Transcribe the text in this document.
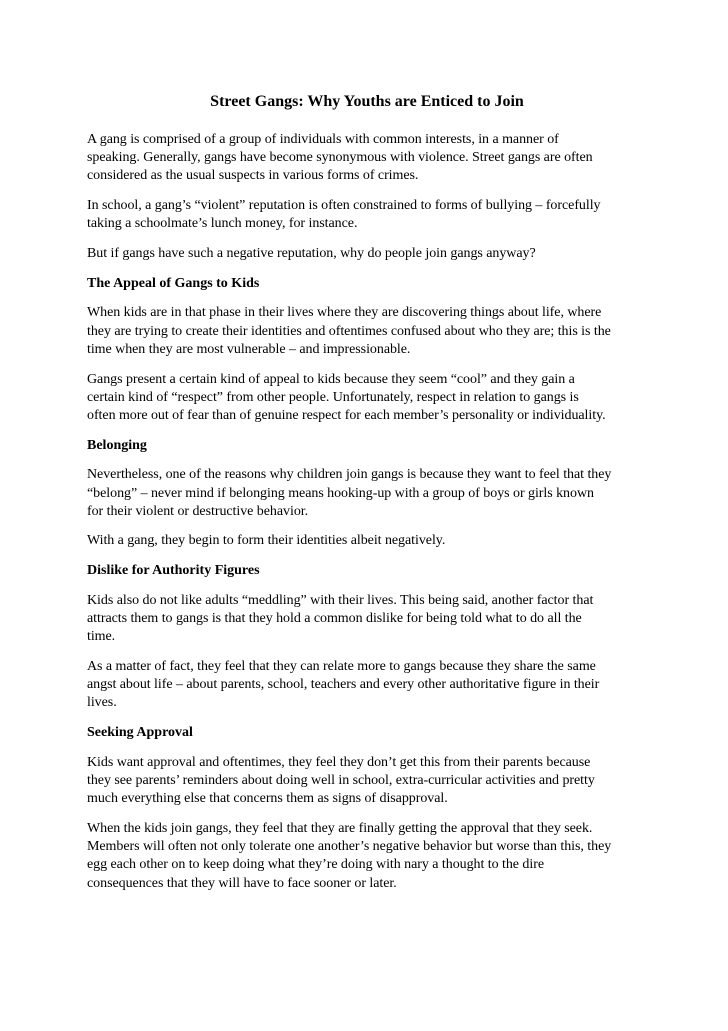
Street Gangs: Why Youths are Enticed to Join
A gang is comprised of a group of individuals with common interests, in a manner of
speaking. Generally, gangs have become synonymous with violence. Street gangs are often
considered as the usual suspects in various forms of crimes.
In school, a gang’s “violent” reputation is often constrained to forms of bullying – forcefully
taking a schoolmate’s lunch money, for instance.
But if gangs have such a negative reputation, why do people join gangs anyway?
The Appeal of Gangs to Kids
When kids are in that phase in their lives where they are discovering things about life, where
they are trying to create their identities and oftentimes confused about who they are; this is the
time when they are most vulnerable – and impressionable.
Gangs present a certain kind of appeal to kids because they seem “cool” and they gain a
certain kind of “respect” from other people. Unfortunately, respect in relation to gangs is
often more out of fear than of genuine respect for each member’s personality or individuality.
Belonging
Nevertheless, one of the reasons why children join gangs is because they want to feel that they
“belong” – never mind if belonging means hooking-up with a group of boys or girls known
for their violent or destructive behavior.
With a gang, they begin to form their identities albeit negatively.
Dislike for Authority Figures
Kids also do not like adults “meddling” with their lives. This being said, another factor that
attracts them to gangs is that they hold a common dislike for being told what to do all the
time.
As a matter of fact, they feel that they can relate more to gangs because they share the same
angst about life – about parents, school, teachers and every other authoritative figure in their
lives.
Seeking Approval
Kids want approval and oftentimes, they feel they don’t get this from their parents because
they see parents’ reminders about doing well in school, extra-curricular activities and pretty
much everything else that concerns them as signs of disapproval.
When the kids join gangs, they feel that they are finally getting the approval that they seek.
Members will often not only tolerate one another’s negative behavior but worse than this, they
egg each other on to keep doing what they’re doing with nary a thought to the dire
consequences that they will have to face sooner or later.
